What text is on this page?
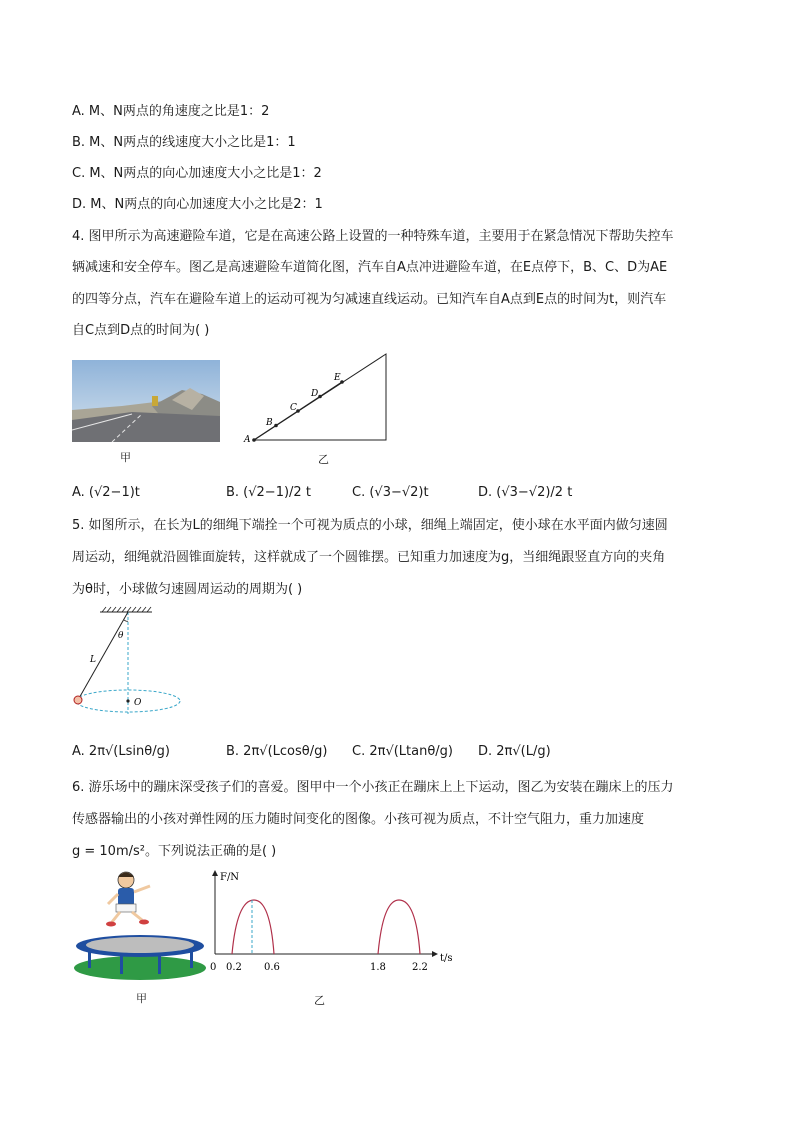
A. M、N两点的角速度之比是1：2
B. M、N两点的线速度大小之比是1：1
C. M、N两点的向心加速度大小之比是1：2
D. M、N两点的向心加速度大小之比是2：1
4. 图甲所示为高速避险车道，它是在高速公路上设置的一种特殊车道，主要用于在紧急情况下帮助失控车
辆减速和安全停车。图乙是高速避险车道简化图，汽车自A点冲进避险车道，在E点停下，B、C、D为AE
的四等分点，汽车在避险车道上的运动可视为匀减速直线运动。已知汽车自A点到E点的时间为t，则汽车
自C点到D点的时间为( )
甲
A
B
C
D
E
乙
A. (√2−1)t	B. (√2−1)/2 t	C. (√3−√2)t	D. (√3−√2)/2 t
5. 如图所示，在长为L的细绳下端拴一个可视为质点的小球，细绳上端固定，使小球在水平面内做匀速圆
周运动，细绳就沿圆锥面旋转，这样就成了一个圆锥摆。已知重力加速度为g，当细绳跟竖直方向的夹角
为θ时，小球做匀速圆周运动的周期为( )
θ
L
O
A. 2π√(Lsinθ/g)	B. 2π√(Lcosθ/g) C. 2π√(Ltanθ/g) D. 2π√(L/g)
6. 游乐场中的蹦床深受孩子们的喜爱。图甲中一个小孩正在蹦床上上下运动，图乙为安装在蹦床上的压力
传感器输出的小孩对弹性网的压力随时间变化的图像。小孩可视为质点，不计空气阻力，重力加速度
g = 10m/s²。下列说法正确的是( )
甲
F/N
t/s
0 0.2 0.6	1.8	2.2
乙
